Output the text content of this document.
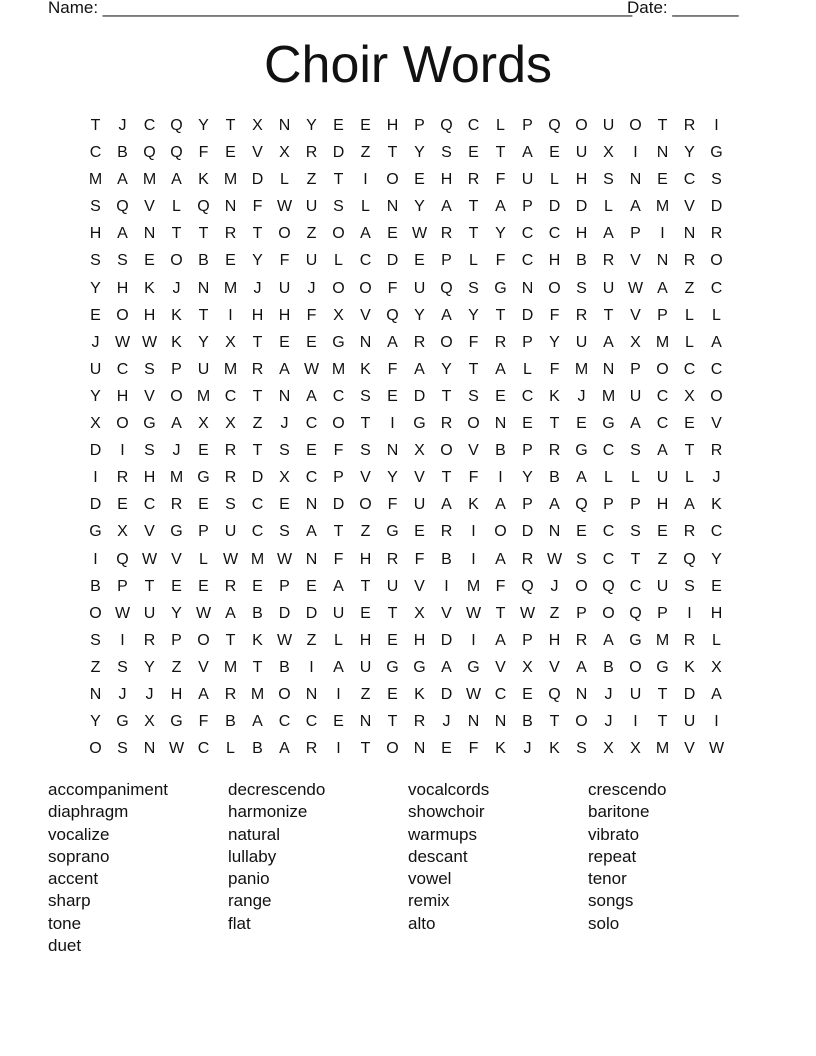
Name: ________________________________________________________
Date: _______
Choir Words
T	J	C Q Y	T	X N Y	E	E H P Q C	L	P Q O U O T	R	I
C B Q Q F	E	V	X R D	Z	T	Y	S	E	T	A	E U X	I	N Y G
M A M A	K M D	L	Z	T	I	O E H R	F	U	L	H S N E C S
S Q V	L	Q N	F W U S	L	N Y	A	T	A	P D D	L	A M V D
H A N	T	T	R	T O Z O A	E W R	T	Y C C H A	P	I	N R
S	S	E O B	E	Y	F	U	L	C D E	P	L	F	C H B R V N R O
Y H K	J	N M	J	U	J	O O F	U Q S G N O S U W A	Z	C
E O H K	T	I	H H	F	X	V Q Y	A	Y	T	D	F	R	T	V	P	L	L
J W W K	Y	X	T	E	E G N A R O F	R P	Y U A	X M L	A
U C S	P U M R A W M K	F	A	Y	T	A	L	F M N P O C C
Y H V O M C	T	N A C S	E D	T	S	E C K	J	M U C X O
X O G A	X	X	Z	J	C O T	I	G R O N E	T	E G A C E	V
D	I	S	J	E R	T	S	E	F	S N X O V	B	P R G C S	A	T	R
I	R H M G R D X C P	V	Y	V	T	F	I	Y	B	A	L	L	U	L	J
D E C R E	S C E N D O F	U A	K	A	P	A Q P	P H A	K
G X	V G P U C S	A	T	Z G E R	I	O D N E C S	E R C
I	Q W V	L W M W N	F	H R	F	B	I	A R W S C	T	Z Q Y
B	P	T	E	E R E	P	E	A	T	U V	I	M F Q	J	O Q C U S	E
O W U Y W A	B D D U E	T	X	V W T W Z	P O Q P	I	H
S	I	R P O T	K W Z	L	H E H D	I	A	P H R A G M R	L
Z	S	Y	Z	V M T	B	I	A U G G A G V	X	V	A	B O G K	X
N	J	J	H A R M O N	I	Z	E	K D W C E Q N	J	U	T	D A
Y G X G F	B	A C C E N	T	R	J	N N B	T O	J	I	T	U	I
O S N W C	L	B	A R	I	T O N E	F	K	J	K	S	X	X M V W
accompaniment	decrescendo	vocalcords	crescendo
diaphragm	harmonize	showchoir	baritone
vocalize	natural	warmups	vibrato
soprano	lullaby	descant	repeat
accent	panio	vowel	tenor
sharp	range	remix	songs
tone	flat	alto	solo
duet
